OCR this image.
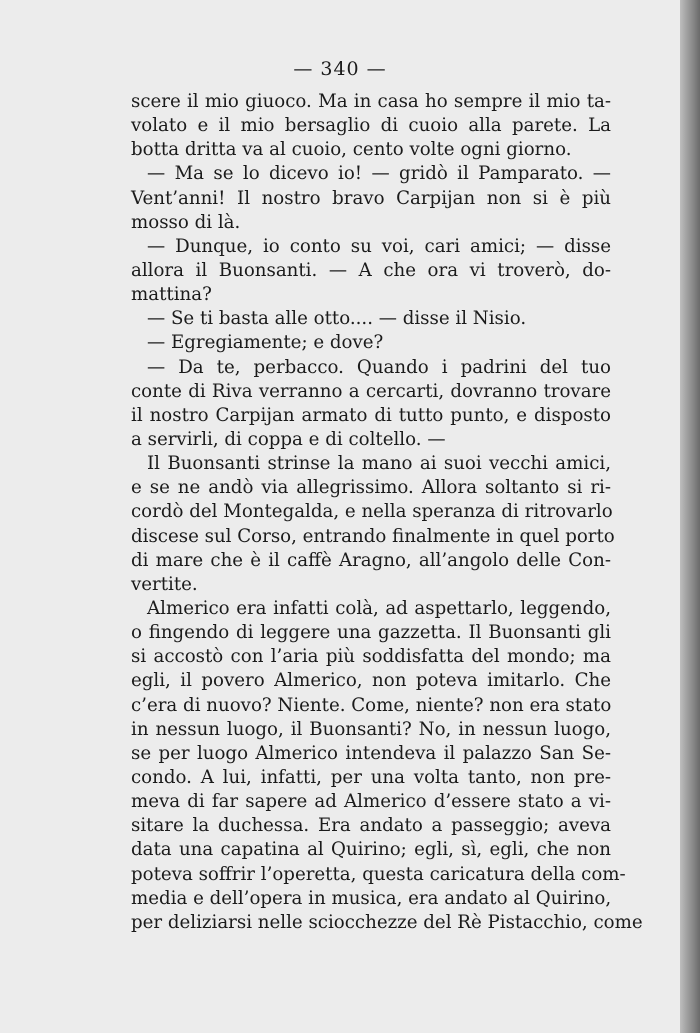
— 340 —
scere il mio giuoco. Ma in casa ho sempre il mio ta-
volato e il mio bersaglio di cuoio alla parete. La
botta dritta va al cuoio, cento volte ogni giorno.
— Ma se lo dicevo io! — gridò il Pamparato. —
Vent’anni! Il nostro bravo Carpijan non si è più
mosso di là.
— Dunque, io conto su voi, cari amici; — disse
allora il Buonsanti. — A che ora vi troverò, do-
mattina?
— Se ti basta alle otto.... — disse il Nisio.
— Egregiamente; e dove?
— Da te, perbacco. Quando i padrini del tuo
conte di Riva verranno a cercarti, dovranno trovare
il nostro Carpijan armato di tutto punto, e disposto
a servirli, di coppa e di coltello. —
Il Buonsanti strinse la mano ai suoi vecchi amici,
e se ne andò via allegrissimo. Allora soltanto si ri-
cordò del Montegalda, e nella speranza di ritrovarlo
discese sul Corso, entrando finalmente in quel porto
di mare che è il caffè Aragno, all’angolo delle Con-
vertite.
Almerico era infatti colà, ad aspettarlo, leggendo,
o fingendo di leggere una gazzetta. Il Buonsanti gli
si accostò con l’aria più soddisfatta del mondo; ma
egli, il povero Almerico, non poteva imitarlo. Che
c’era di nuovo? Niente. Come, niente? non era stato
in nessun luogo, il Buonsanti? No, in nessun luogo,
se per luogo Almerico intendeva il palazzo San Se-
condo. A lui, infatti, per una volta tanto, non pre-
meva di far sapere ad Almerico d’essere stato a vi-
sitare la duchessa. Era andato a passeggio; aveva
data una capatina al Quirino; egli, sì, egli, che non
poteva soffrir l’operetta, questa caricatura della com-
media e dell’opera in musica, era andato al Quirino,
per deliziarsi nelle sciocchezze del Rè Pistacchio, come
